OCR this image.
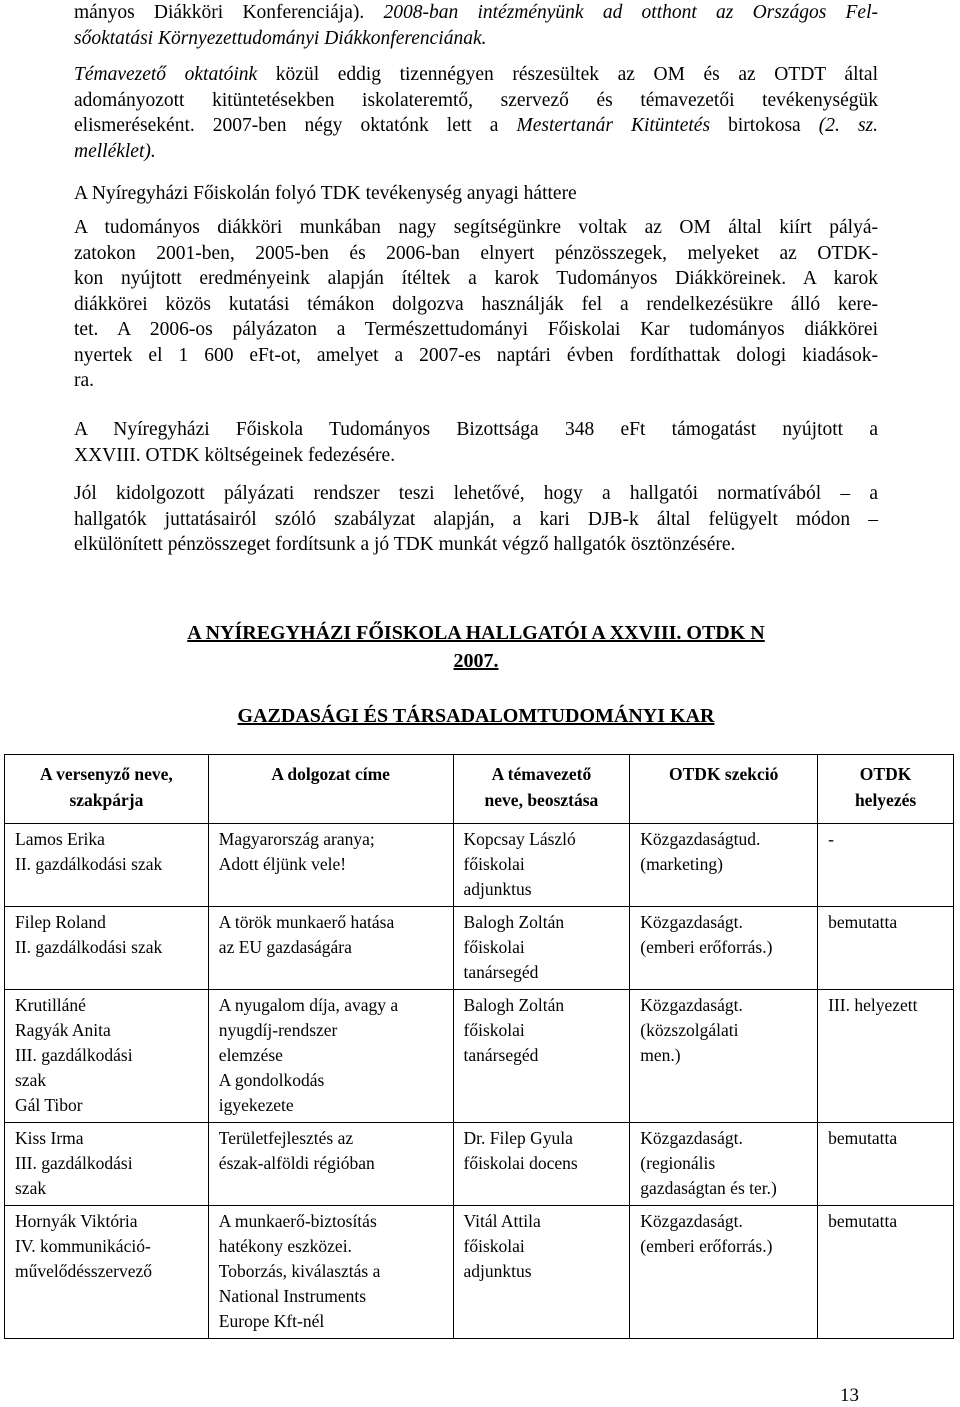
mányos Diákköri Konferenciája). 2008-ban intézményünk ad otthont az Országos Fel-
sőoktatási Környezettudományi Diákkonferenciának.
Témavezető oktatóink közül eddig tizennégyen részesültek az OM és az OTDT által
adományozott kitüntetésekben iskolateremtő, szervező és témavezetői tevékenységük
elismeréseként. 2007-ben négy oktatónk lett a Mestertanár Kitüntetés birtokosa (2. sz.
melléklet).
A Nyíregyházi Főiskolán folyó TDK tevékenység anyagi háttere
A tudományos diákköri munkában nagy segítségünkre voltak az OM által kiírt pályá-
zatokon 2001-ben, 2005-ben és 2006-ban elnyert pénzösszegek, melyeket az OTDK-
kon nyújtott eredményeink alapján ítéltek a karok Tudományos Diákköreinek. A karok
diákkörei közös kutatási témákon dolgozva használják fel a rendelkezésükre álló kere-
tet. A 2006-os pályázaton a Természettudományi Főiskolai Kar tudományos diákkörei
nyertek el 1 600 eFt-ot, amelyet a 2007-es naptári évben fordíthattak dologi kiadások-
ra.
A Nyíregyházi Főiskola Tudományos Bizottsága 348 eFt támogatást nyújtott a
XXVIII. OTDK költségeinek fedezésére.
Jól kidolgozott pályázati rendszer teszi lehetővé, hogy a hallgatói normatívából – a
hallgatók juttatásairól szóló szabályzat alapján, a kari DJB-k által felügyelt módon –
elkülönített pénzösszeget fordítsunk a jó TDK munkát végző hallgatók ösztönzésére.
A NYÍREGYHÁZI FŐISKOLA HALLGATÓI A XXVIII. OTDK N
2007.
GAZDASÁGI ÉS TÁRSADALOMTUDOMÁNYI KAR
A versenyző neve,
szakpárja	A dolgozat címe	A témavezető
neve, beosztása	OTDK szekció	OTDK
helyezés

Lamos Erika
II. gazdálkodási szak	Magyarország aranya;
Adott éljünk vele!	Kopcsay László
főiskolai
adjunktus	Közgazdaságtud.
(marketing)	-

Filep Roland
II. gazdálkodási szak	A török munkaerő hatása
az EU gazdaságára	Balogh Zoltán
főiskolai
tanársegéd	Közgazdaságt.
(emberi erőforrás.)	bemutatta

Krutilláné
Ragyák Anita
III. gazdálkodási
szak
Gál Tibor	A nyugalom díja, avagy a
nyugdíj-rendszer
elemzése
A gondolkodás
igyekezete	Balogh Zoltán
főiskolai
tanársegéd	Közgazdaságt.
(közszolgálati
men.)	III. helyezett

Kiss Irma
III. gazdálkodási
szak	Területfejlesztés az
észak-alföldi régióban	Dr. Filep Gyula
főiskolai docens	Közgazdaságt.
(regionális
gazdaságtan és ter.)	bemutatta

Hornyák Viktória
IV. kommunikáció-
művelődésszervező	A munkaerő-biztosítás
hatékony eszközei.
Toborzás, kiválasztás a
National Instruments
Europe Kft-nél	Vitál Attila
főiskolai
adjunktus	Közgazdaságt.
(emberi erőforrás.)	bemutatta
13
